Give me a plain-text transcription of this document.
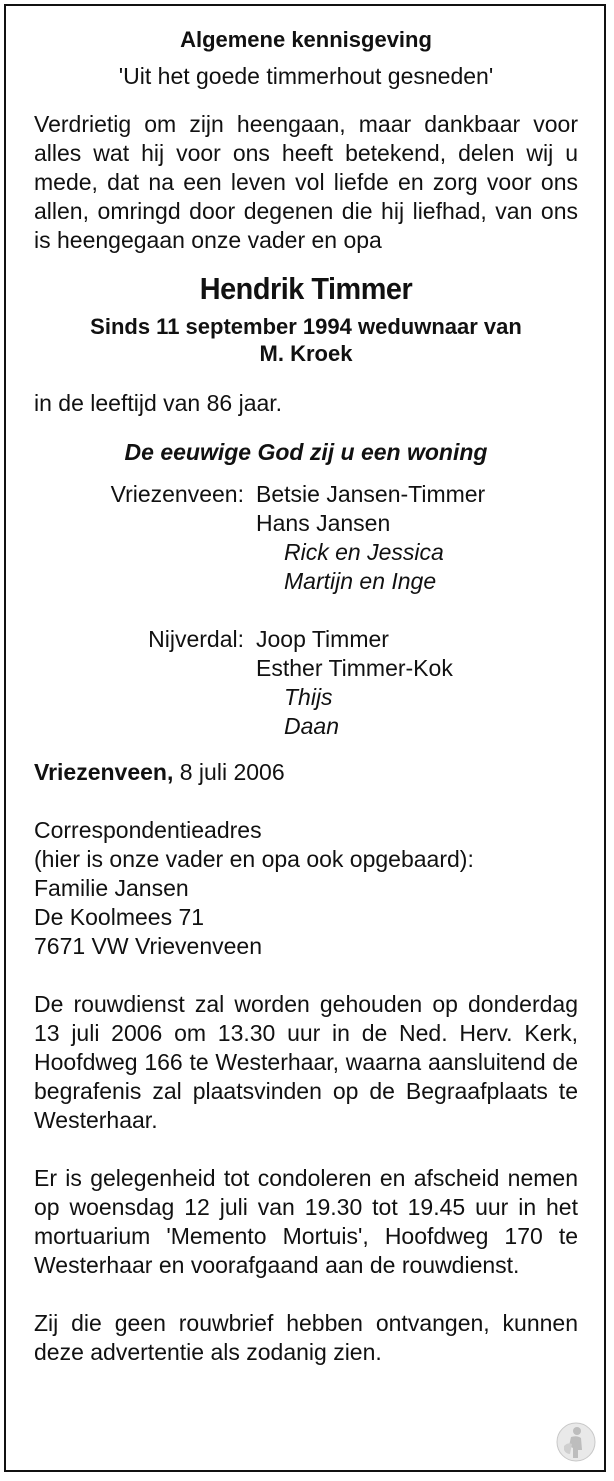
Algemene kennisgeving

'Uit het goede timmerhout gesneden'

Verdrietig om zijn heengaan, maar dankbaar voor alles wat hij voor ons heeft betekend, delen wij u mede, dat na een leven vol liefde en zorg voor ons allen, omringd door degenen die hij liefhad, van ons is heengegaan onze vader en opa

Hendrik Timmer

Sinds 11 september 1994 weduwnaar van

M. Kroek

in de leeftijd van 86 jaar.

De eeuwige God zij u een woning

Vriezenveen: Betsie Jansen-Timmer
Hans Jansen
Rick en Jessica
Martijn en Inge
Nijverdal: Joop Timmer
Esther Timmer-Kok
Thijs
Daan

Vriezenveen, 8 juli 2006

Correspondentieadres
(hier is onze vader en opa ook opgebaard):
Familie Jansen
De Koolmees 71
7671 VW Vrievenveen

De rouwdienst zal worden gehouden op donderdag 13 juli 2006 om 13.30 uur in de Ned. Herv. Kerk, Hoofdweg 166 te Westerhaar, waarna aansluitend de begrafenis zal plaatsvinden op de Begraafplaats te Westerhaar.

Er is gelegenheid tot condoleren en afscheid nemen op woensdag 12 juli van 19.30 tot 19.45 uur in het mortuarium 'Memento Mortuis', Hoofdweg 170 te Westerhaar en voorafgaand aan de rouwdienst.

Zij die geen rouwbrief hebben ontvangen, kunnen deze advertentie als zodanig zien.
